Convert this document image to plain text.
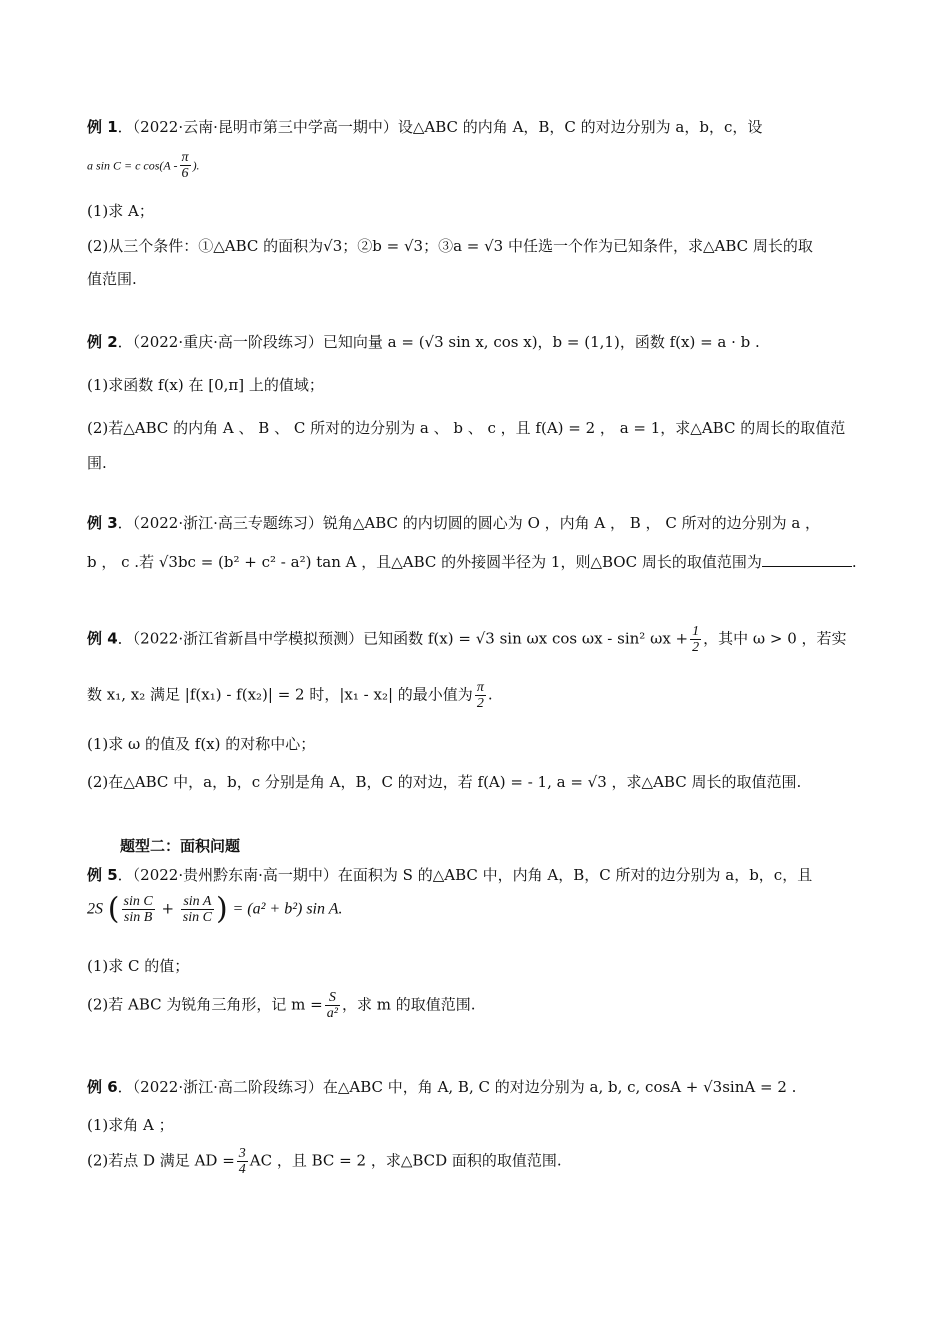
例 1．（2022·云南·昆明市第三中学高一期中）设△ABC 的内角 A，B，C 的对边分别为 a，b，c，设
a sin C = c $\cos(A - \frac{\pi}{6}$ ).
(1)求 A；
(2)从三个条件：①△ABC 的面积为√3；②b = √3；③a = √3 中任选一个作为已知条件，求△ABC 周长的取
值范围.
例 2．（2022·重庆·高一阶段练习）已知向量 a = (√3 sin x, cos x)，b = (1,1)，函数 f(x) = a · b .
(1)求函数 f(x) 在 [0,π] 上的值域；
(2)若△ABC 的内角 A 、 B 、 C 所对的边分别为 a 、 b 、 c ，且 f(A) = 2 ， a = 1，求△ABC 的周长的取值范
围.
例 3．（2022·浙江·高三专题练习）锐角△ABC 的内切圆的圆心为 O ，内角 A ， B ， C 所对的边分别为 a ，
b ， c .若 √3bc = (b² + c² - a²) tan A ，且△ABC 的外接圆半径为 1，则△BOC 周长的取值范围为	.
例 4．（2022·浙江省新昌中学模拟预测）已知函数 f(x) = √3 sin ωx cos ωx - sin² $\omega x + \frac{1}{2}$ ，其中 ω > 0 ，若实
数 x₁, x₂ 满足 |f(x₁) - f(x₂)| = 2 时，|x₁ - x₂| 的最小值为 $\frac{\pi}{2}$ .
(1)求 ω 的值及 f(x) 的对称中心；
(2)在△ABC 中，a，b，c 分别是角 A，B，C 的对边，若 f(A) = - 1, a = √3 ，求△ABC 周长的取值范围.
题型二：面积问题
例 5．（2022·贵州黔东南·高一期中）在面积为 S 的△ABC 中，内角 A，B，C 所对的边分别为 a，b，c，且
2S ( $\frac{\text{sin C}}{\text{sin B}} + \frac{\text{sin A}}{\text{sin C}}$ ) = (a² + b²) sin A.
(1)求 C 的值；
(2)若 ABC 为锐角三角形，记 $m = \frac{S}{\text{a²}}$ ，求 m 的取值范围.
例 6．（2022·浙江·高二阶段练习）在△ABC 中，角 A, B, C 的对边分别为 a, b, c, cosA + √3sinA = 2 .
(1)求角 A ；
(2)若点 D 满足 AD = $\frac{3}{4}$ AC ，且 BC = 2 ，求△BCD 面积的取值范围.
